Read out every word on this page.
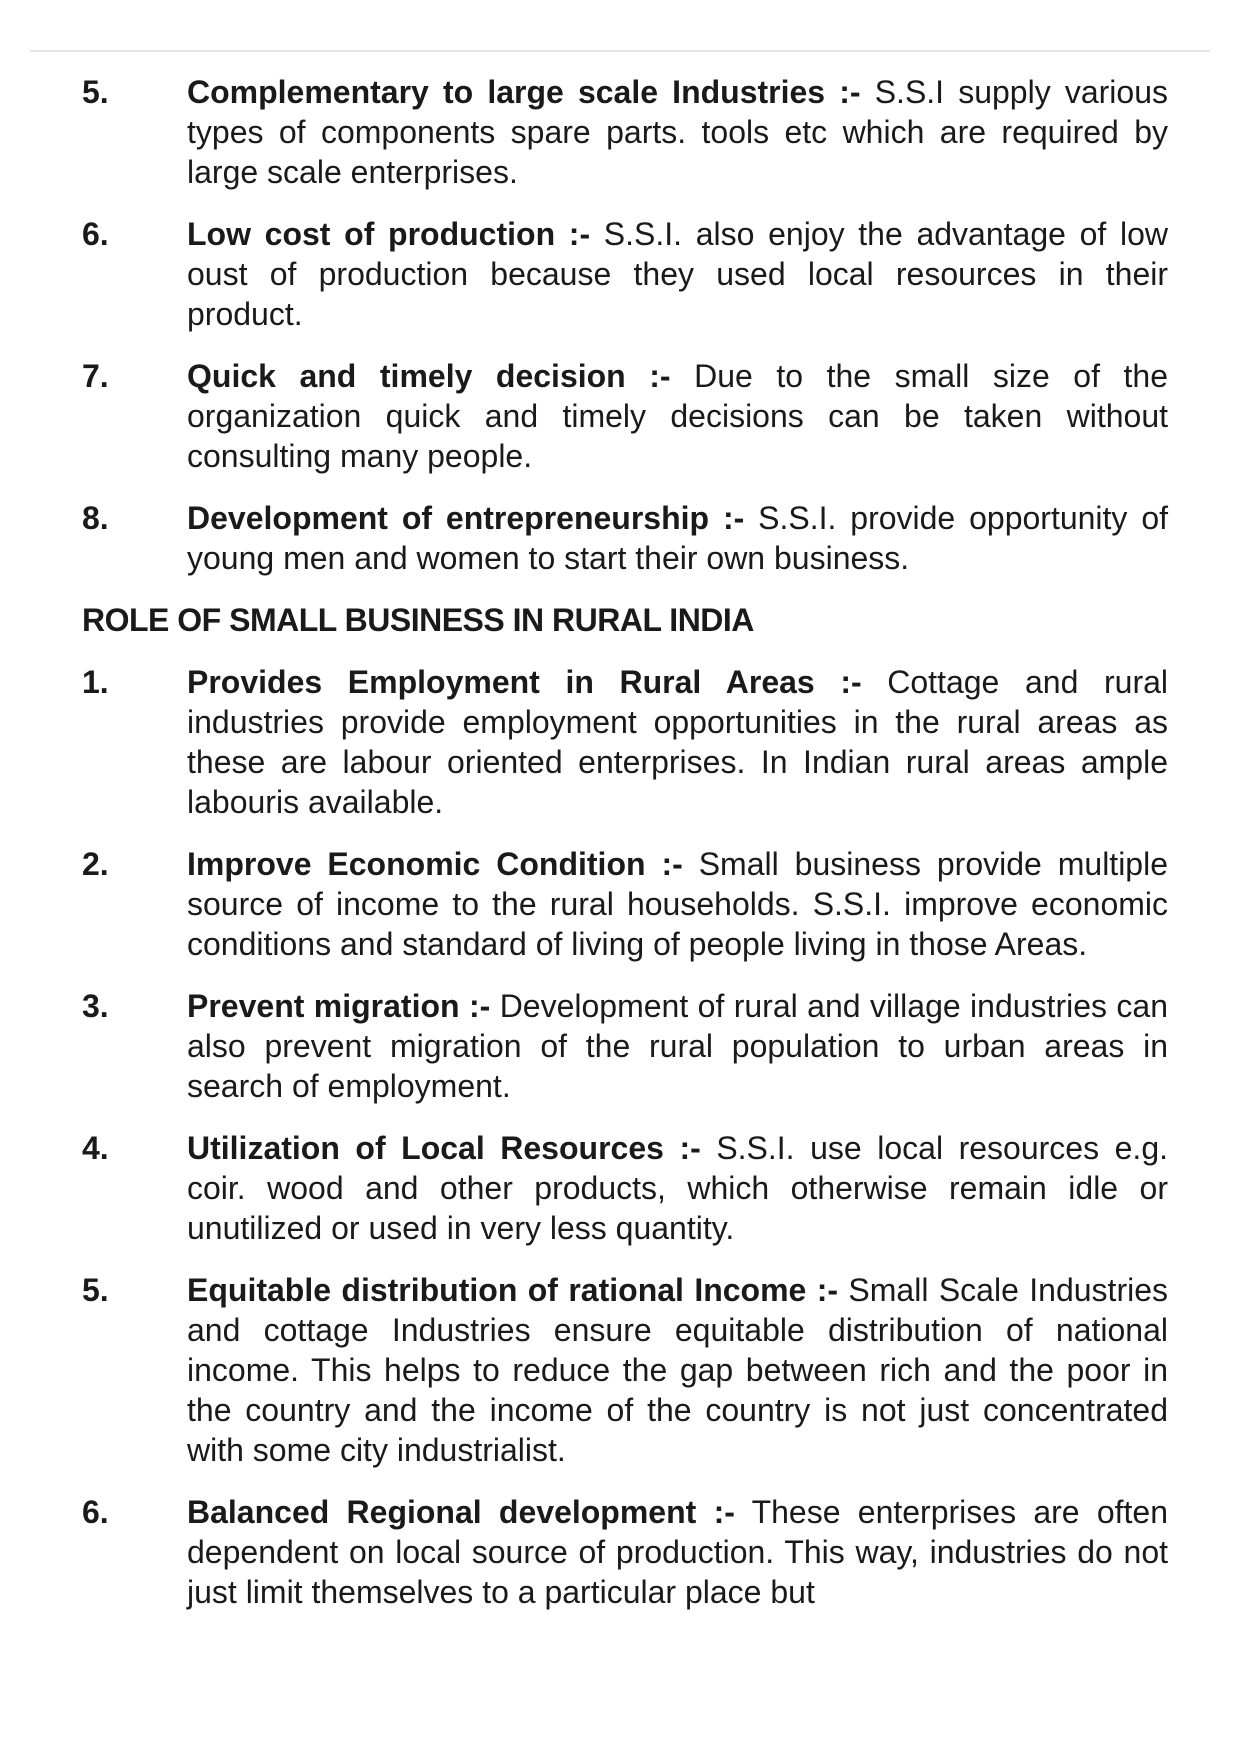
5.	Complementary to large scale Industries :- S.S.I supply various types of components spare parts. tools etc which are required by large scale enterprises.
6.	Low cost of production :- S.S.I. also enjoy the advantage of low oust of production because they used local resources in their product.
7.	Quick and timely decision :- Due to the small size of the organization quick and timely decisions can be taken without consulting many people.
8.	Development of entrepreneurship :- S.S.I. provide opportunity of young men and women to start their own business.
ROLE OF SMALL BUSINESS IN RURAL INDIA
1.	Provides Employment in Rural Areas :- Cottage and rural industries provide employment opportunities in the rural areas as these are labour oriented enterprises. In Indian rural areas ample labouris available.
2.	Improve Economic Condition :- Small business provide multiple source of income to the rural households. S.S.I. improve economic conditions and standard of living of people living in those Areas.
3.	Prevent migration :- Development of rural and village industries can also prevent migration of the rural population to urban areas in search of employment.
4.	Utilization of Local Resources :- S.S.I. use local resources e.g. coir. wood and other products, which otherwise remain idle or unutilized or used in very less quantity.
5.	Equitable distribution of rational Income :- Small Scale Industries and cottage Industries ensure equitable distribution of national income. This helps to reduce the gap between rich and the poor in the country and the income of the country is not just concentrated with some city industrialist.
6.	Balanced Regional development :- These enterprises are often dependent on local source of production. This way, industries do not just limit themselves to a particular place but
